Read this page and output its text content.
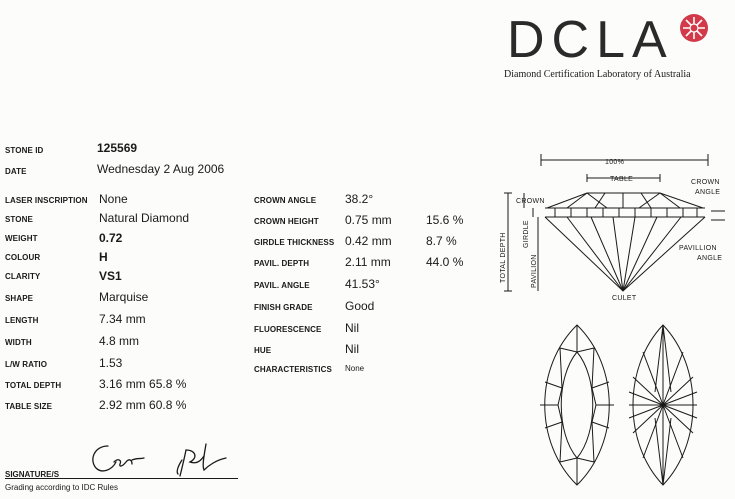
DCLA
Diamond Certification Laboratory of Australia
STONE ID
DATE
LASER INSCRIPTION
STONE
WEIGHT
COLOUR
CLARITY
SHAPE
LENGTH
WIDTH
L/W RATIO
TOTAL DEPTH
TABLE SIZE
125569
Wednesday 2 Aug 2006
None
Natural Diamond
0.72
H
VS1
Marquise
7.34 mm
4.8 mm
1.53
3.16 mm 65.8 %
2.92 mm 60.8 %
CROWN ANGLE
CROWN HEIGHT
GIRDLE THICKNESS
PAVIL. DEPTH
PAVIL. ANGLE
FINISH GRADE
FLUORESCENCE
HUE
CHARACTERISTICS
38.2°
0.75 mm
0.42 mm
2.11 mm
41.53°
Good
Nil
Nil
None
15.6 %
8.7 %
44.0 %
100%
TABLE
CROWN
CROWN
ANGLE
PAVILLION
ANGLE
CULET
TOTAL DEPTH GIRDLE
PAVILION
SIGNATURE/S
Grading according to IDC Rules
